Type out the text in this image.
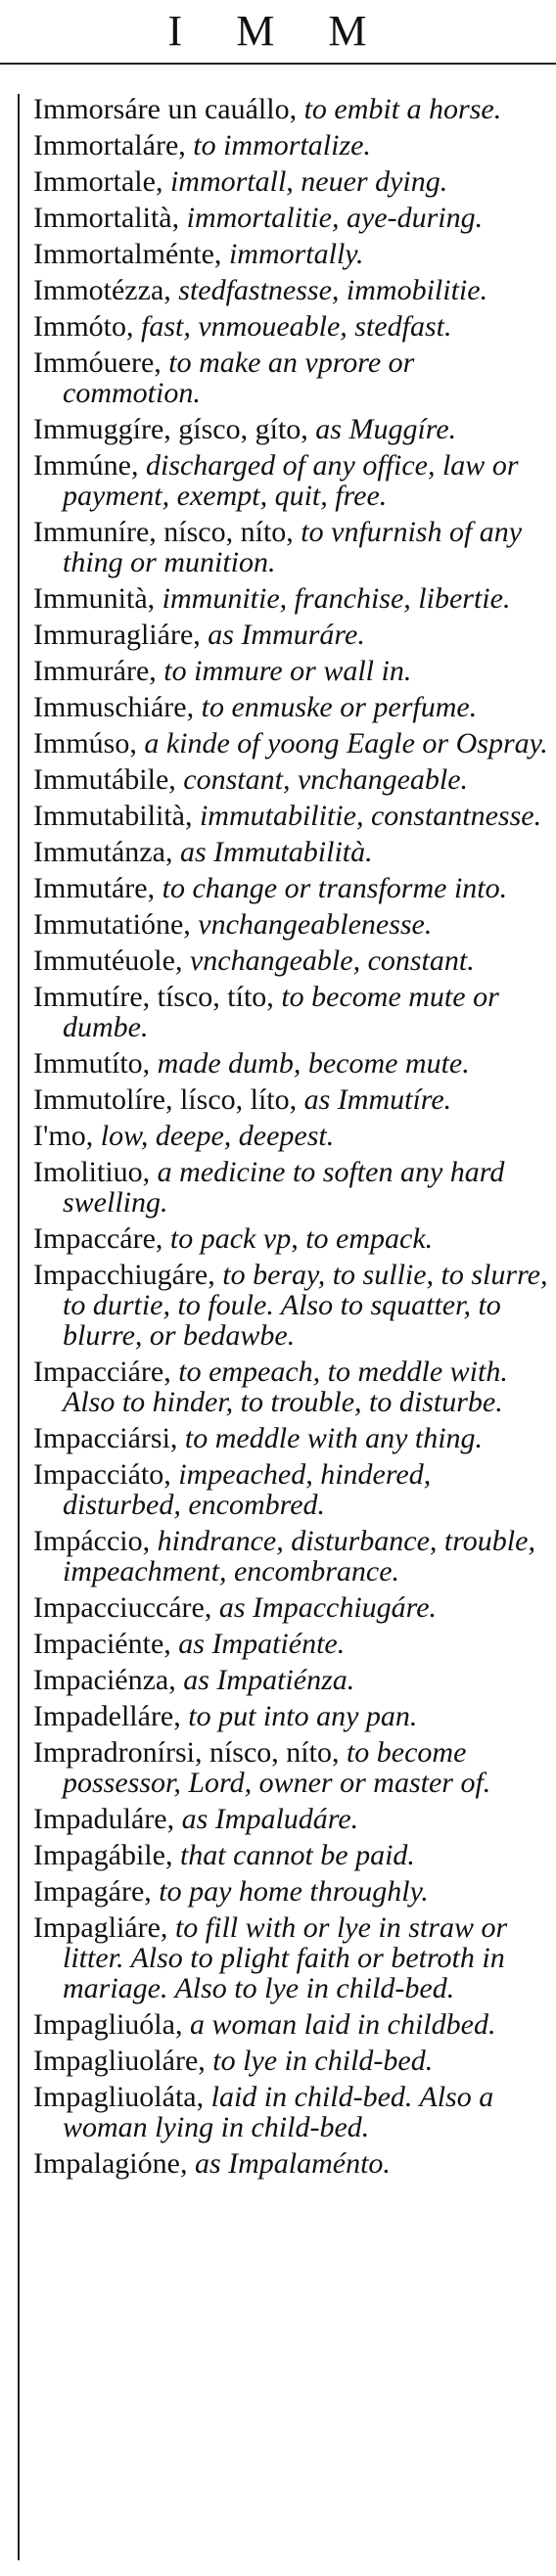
I M M

Immorsáre un cauállo, to embit a horse.

Immortaláre, to immortalize.

Immortale, immortall, neuer dying.

Immortalità, immortalitie, aye-during.

Immortalménte, immortally.

Immotézza, stedfastnesse, immobilitie.

Immóto, fast, vnmoueable, stedfast.

Immóuere, to make an vprore or commotion.

Immuggíre, gísco, gíto, as Muggíre.

Immúne, discharged of any office, law or payment, exempt, quit, free.

Immuníre, nísco, níto, to vnfurnish of any thing or munition.

Immunità, immunitie, franchise, libertie.

Immuragliáre, as Immuráre.

Immuráre, to immure or wall in.

Immuschiáre, to enmuske or perfume.

Immúso, a kinde of yoong Eagle or Ospray.

Immutábile, constant, vnchangeable.

Immutabilità, immutabilitie, constantnesse.

Immutánza, as Immutabilità.

Immutáre, to change or transforme into.

Immutatióne, vnchangeablenesse.

Immutéuole, vnchangeable, constant.

Immutíre, tísco, títo, to become mute or dumbe.

Immutíto, made dumb, become mute.

Immutolíre, lísco, líto, as Immutíre.

I'mo, low, deepe, deepest.

Imolitiuo, a medicine to soften any hard swelling.

Impaccáre, to pack vp, to empack.

Impacchiugáre, to beray, to sullie, to slurre, to durtie, to foule. Also to squatter, to blurre, or bedawbe.

Impacciáre, to empeach, to meddle with. Also to hinder, to trouble, to disturbe.

Impacciársi, to meddle with any thing.

Impacciáto, impeached, hindered, disturbed, encombred.

Impáccio, hindrance, disturbance, trouble, impeachment, encombrance.

Impacciuccáre, as Impacchiugáre.

Impaciénte, as Impatiénte.

Impaciénza, as Impatiénza.

Impadelláre, to put into any pan.

Impradronírsi, nísco, níto, to become possessor, Lord, owner or master of.

Impaduláre, as Impaludáre.

Impagábile, that cannot be paid.

Impagáre, to pay home throughly.

Impagliáre, to fill with or lye in straw or litter. Also to plight faith or betroth in mariage. Also to lye in child-bed.

Impagliuóla, a woman laid in childbed.

Impagliuoláre, to lye in child-bed.

Impagliuoláta, laid in child-bed. Also a woman lying in child-bed.

Impalagióne, as Impalaménto.
